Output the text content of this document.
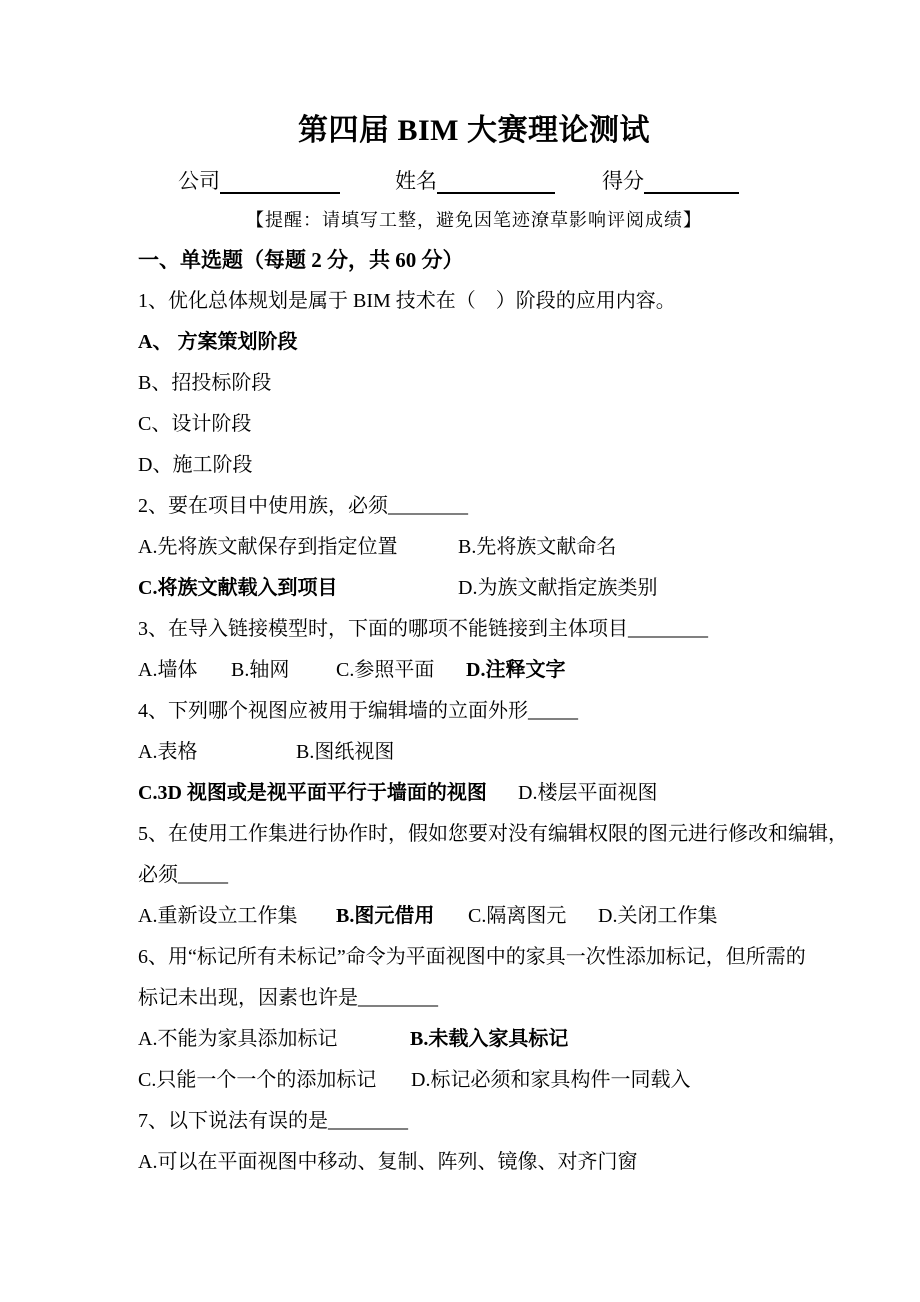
第四届 BIM 大赛理论测试
公司	姓名	得分
【提醒：请填写工整，避免因笔迹潦草影响评阅成绩】
一、单选题（每题 2 分，共 60 分）
1、优化总体规划是属于 BIM 技术在（　）阶段的应用内容。
A、 方案策划阶段
B、招投标阶段
C、设计阶段
D、施工阶段
2、要在项目中使用族，必须________
A.先将族文献保存到指定位置	B.先将族文献命名
C.将族文献载入到项目	D.为族文献指定族类别
3、在导入链接模型时，下面的哪项不能链接到主体项目________
A.墙体 B.轴网 C.参照平面 D.注释文字
4、下列哪个视图应被用于编辑墙的立面外形_____
A.表格	B.图纸视图
C.3D 视图或是视平面平行于墙面的视图 D.楼层平面视图
5、在使用工作集进行协作时，假如您要对没有编辑权限的图元进行修改和编辑，
必须_____
A.重新设立工作集 B.图元借用 C.隔离图元 D.关闭工作集
6、用“标记所有未标记”命令为平面视图中的家具一次性添加标记，但所需的
标记未出现，因素也许是________
A.不能为家具添加标记	B.未载入家具标记
C.只能一个一个的添加标记 D.标记必须和家具构件一同载入
7、以下说法有误的是________
A.可以在平面视图中移动、复制、阵列、镜像、对齐门窗
